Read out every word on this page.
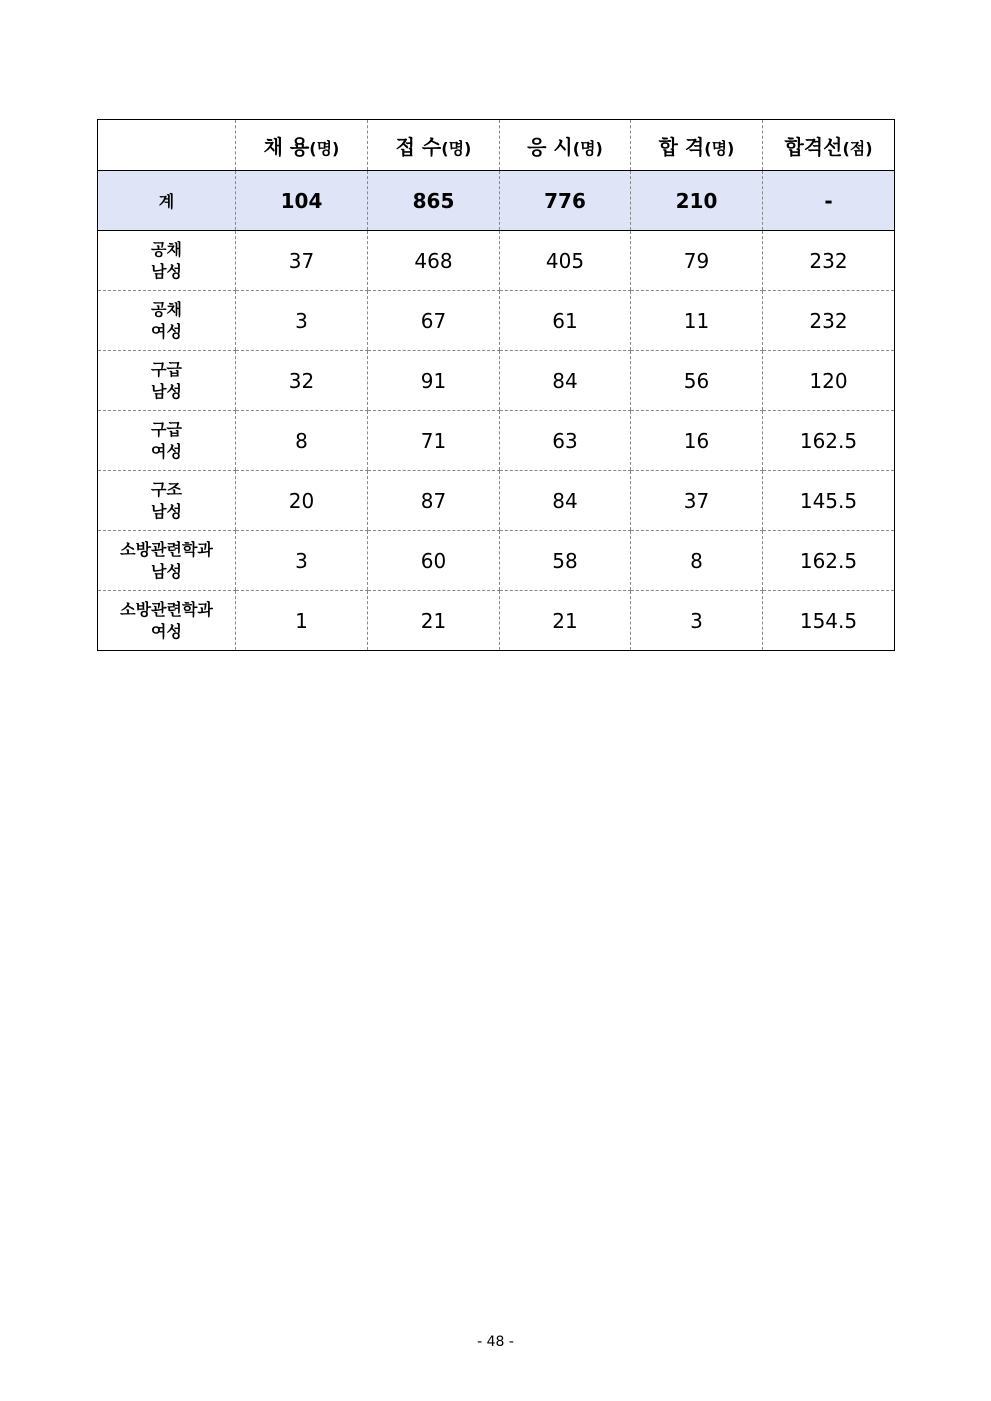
충 북	채 용(명)	접 수(명)	응 시(명)	합 격(명)	합격선(점)
계	104	865	776	210	-

공채
남성	37	468	405	79	232

공채
여성	3	67	61	11	232

구급
남성	32	91	84	56	120

구급
여성	8	71	63	16	162.5

구조
남성	20	87	84	37	145.5

소방관련학과
남성	3	60	58	8	162.5

소방관련학과
여성	1	21	21	3	154.5
- 48 -
